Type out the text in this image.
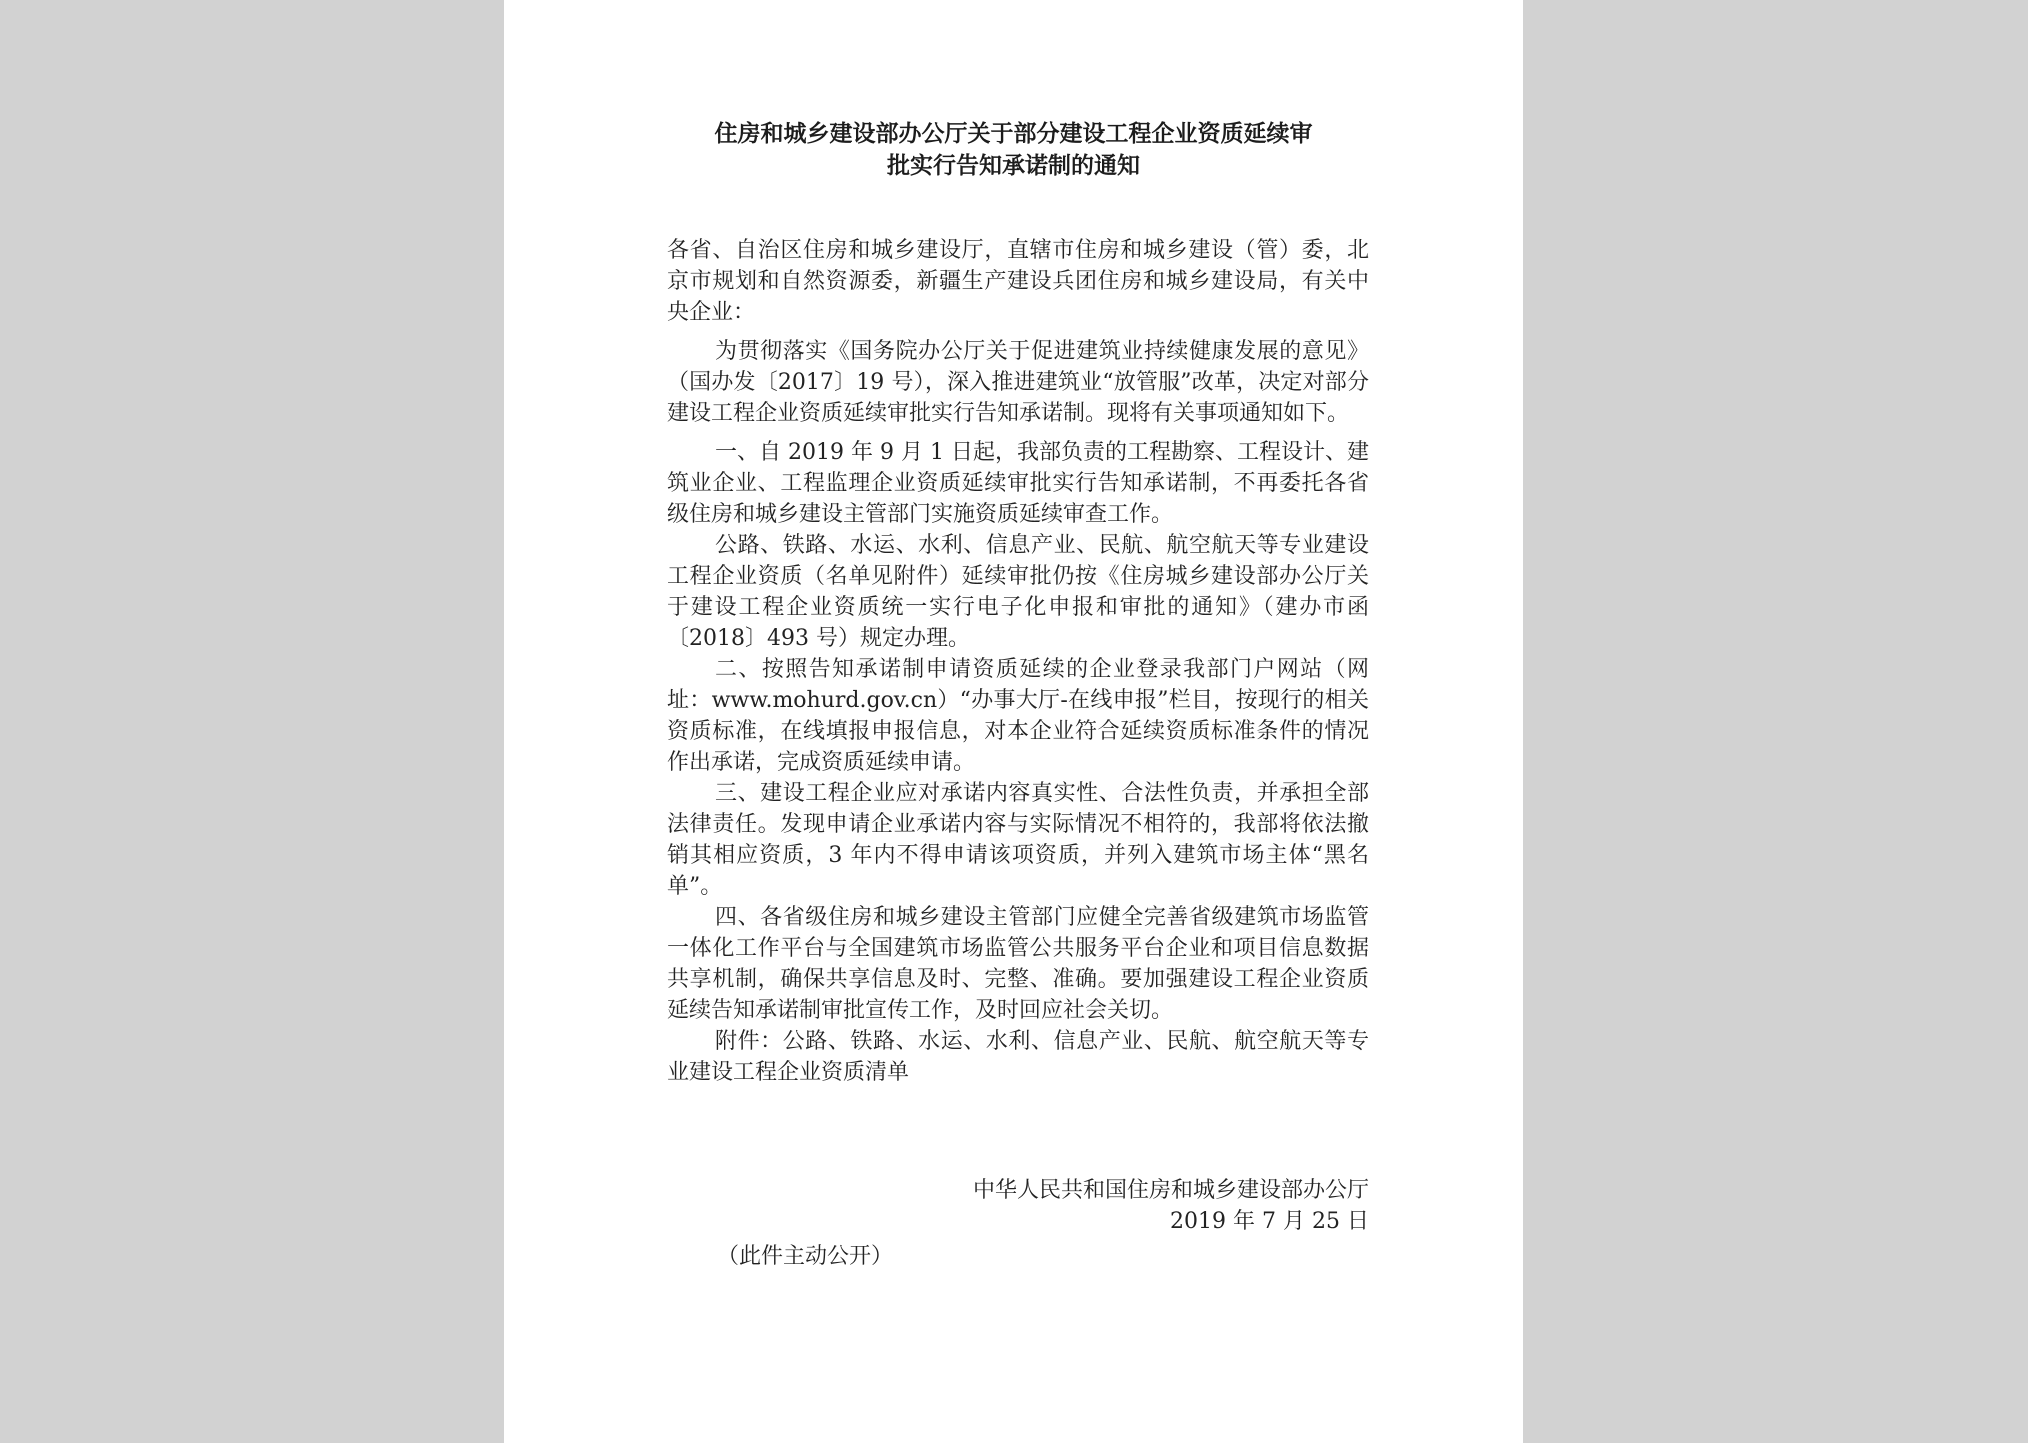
住房和城乡建设部办公厅关于部分建设工程企业资质延续审
批实行告知承诺制的通知

各省、自治区住房和城乡建设厅，直辖市住房和城乡建设（管）委，北京市规划和自然资源委，新疆生产建设兵团住房和城乡建设局，有关中央企业：

为贯彻落实《国务院办公厅关于促进建筑业持续健康发展的意见》（国办发〔2017〕19 号），深入推进建筑业“放管服”改革，决定对部分建设工程企业资质延续审批实行告知承诺制。现将有关事项通知如下。

一、自 2019 年 9 月 1 日起，我部负责的工程勘察、工程设计、建筑业企业、工程监理企业资质延续审批实行告知承诺制，不再委托各省级住房和城乡建设主管部门实施资质延续审查工作。

公路、铁路、水运、水利、信息产业、民航、航空航天等专业建设工程企业资质（名单见附件）延续审批仍按《住房城乡建设部办公厅关于建设工程企业资质统一实行电子化申报和审批的通知》（建办市函〔2018〕493 号）规定办理。

二、按照告知承诺制申请资质延续的企业登录我部门户网站（网址：www.mohurd.gov.cn）“办事大厅-在线申报”栏目，按现行的相关资质标准，在线填报申报信息，对本企业符合延续资质标准条件的情况作出承诺，完成资质延续申请。

三、建设工程企业应对承诺内容真实性、合法性负责，并承担全部法律责任。发现申请企业承诺内容与实际情况不相符的，我部将依法撤销其相应资质，3 年内不得申请该项资质，并列入建筑市场主体“黑名单”。

四、各省级住房和城乡建设主管部门应健全完善省级建筑市场监管一体化工作平台与全国建筑市场监管公共服务平台企业和项目信息数据共享机制，确保共享信息及时、完整、准确。要加强建设工程企业资质延续告知承诺制审批宣传工作，及时回应社会关切。

附件：公路、铁路、水运、水利、信息产业、民航、航空航天等专业建设工程企业资质清单

中华人民共和国住房和城乡建设部办公厅
2019 年 7 月 25 日
（此件主动公开）
